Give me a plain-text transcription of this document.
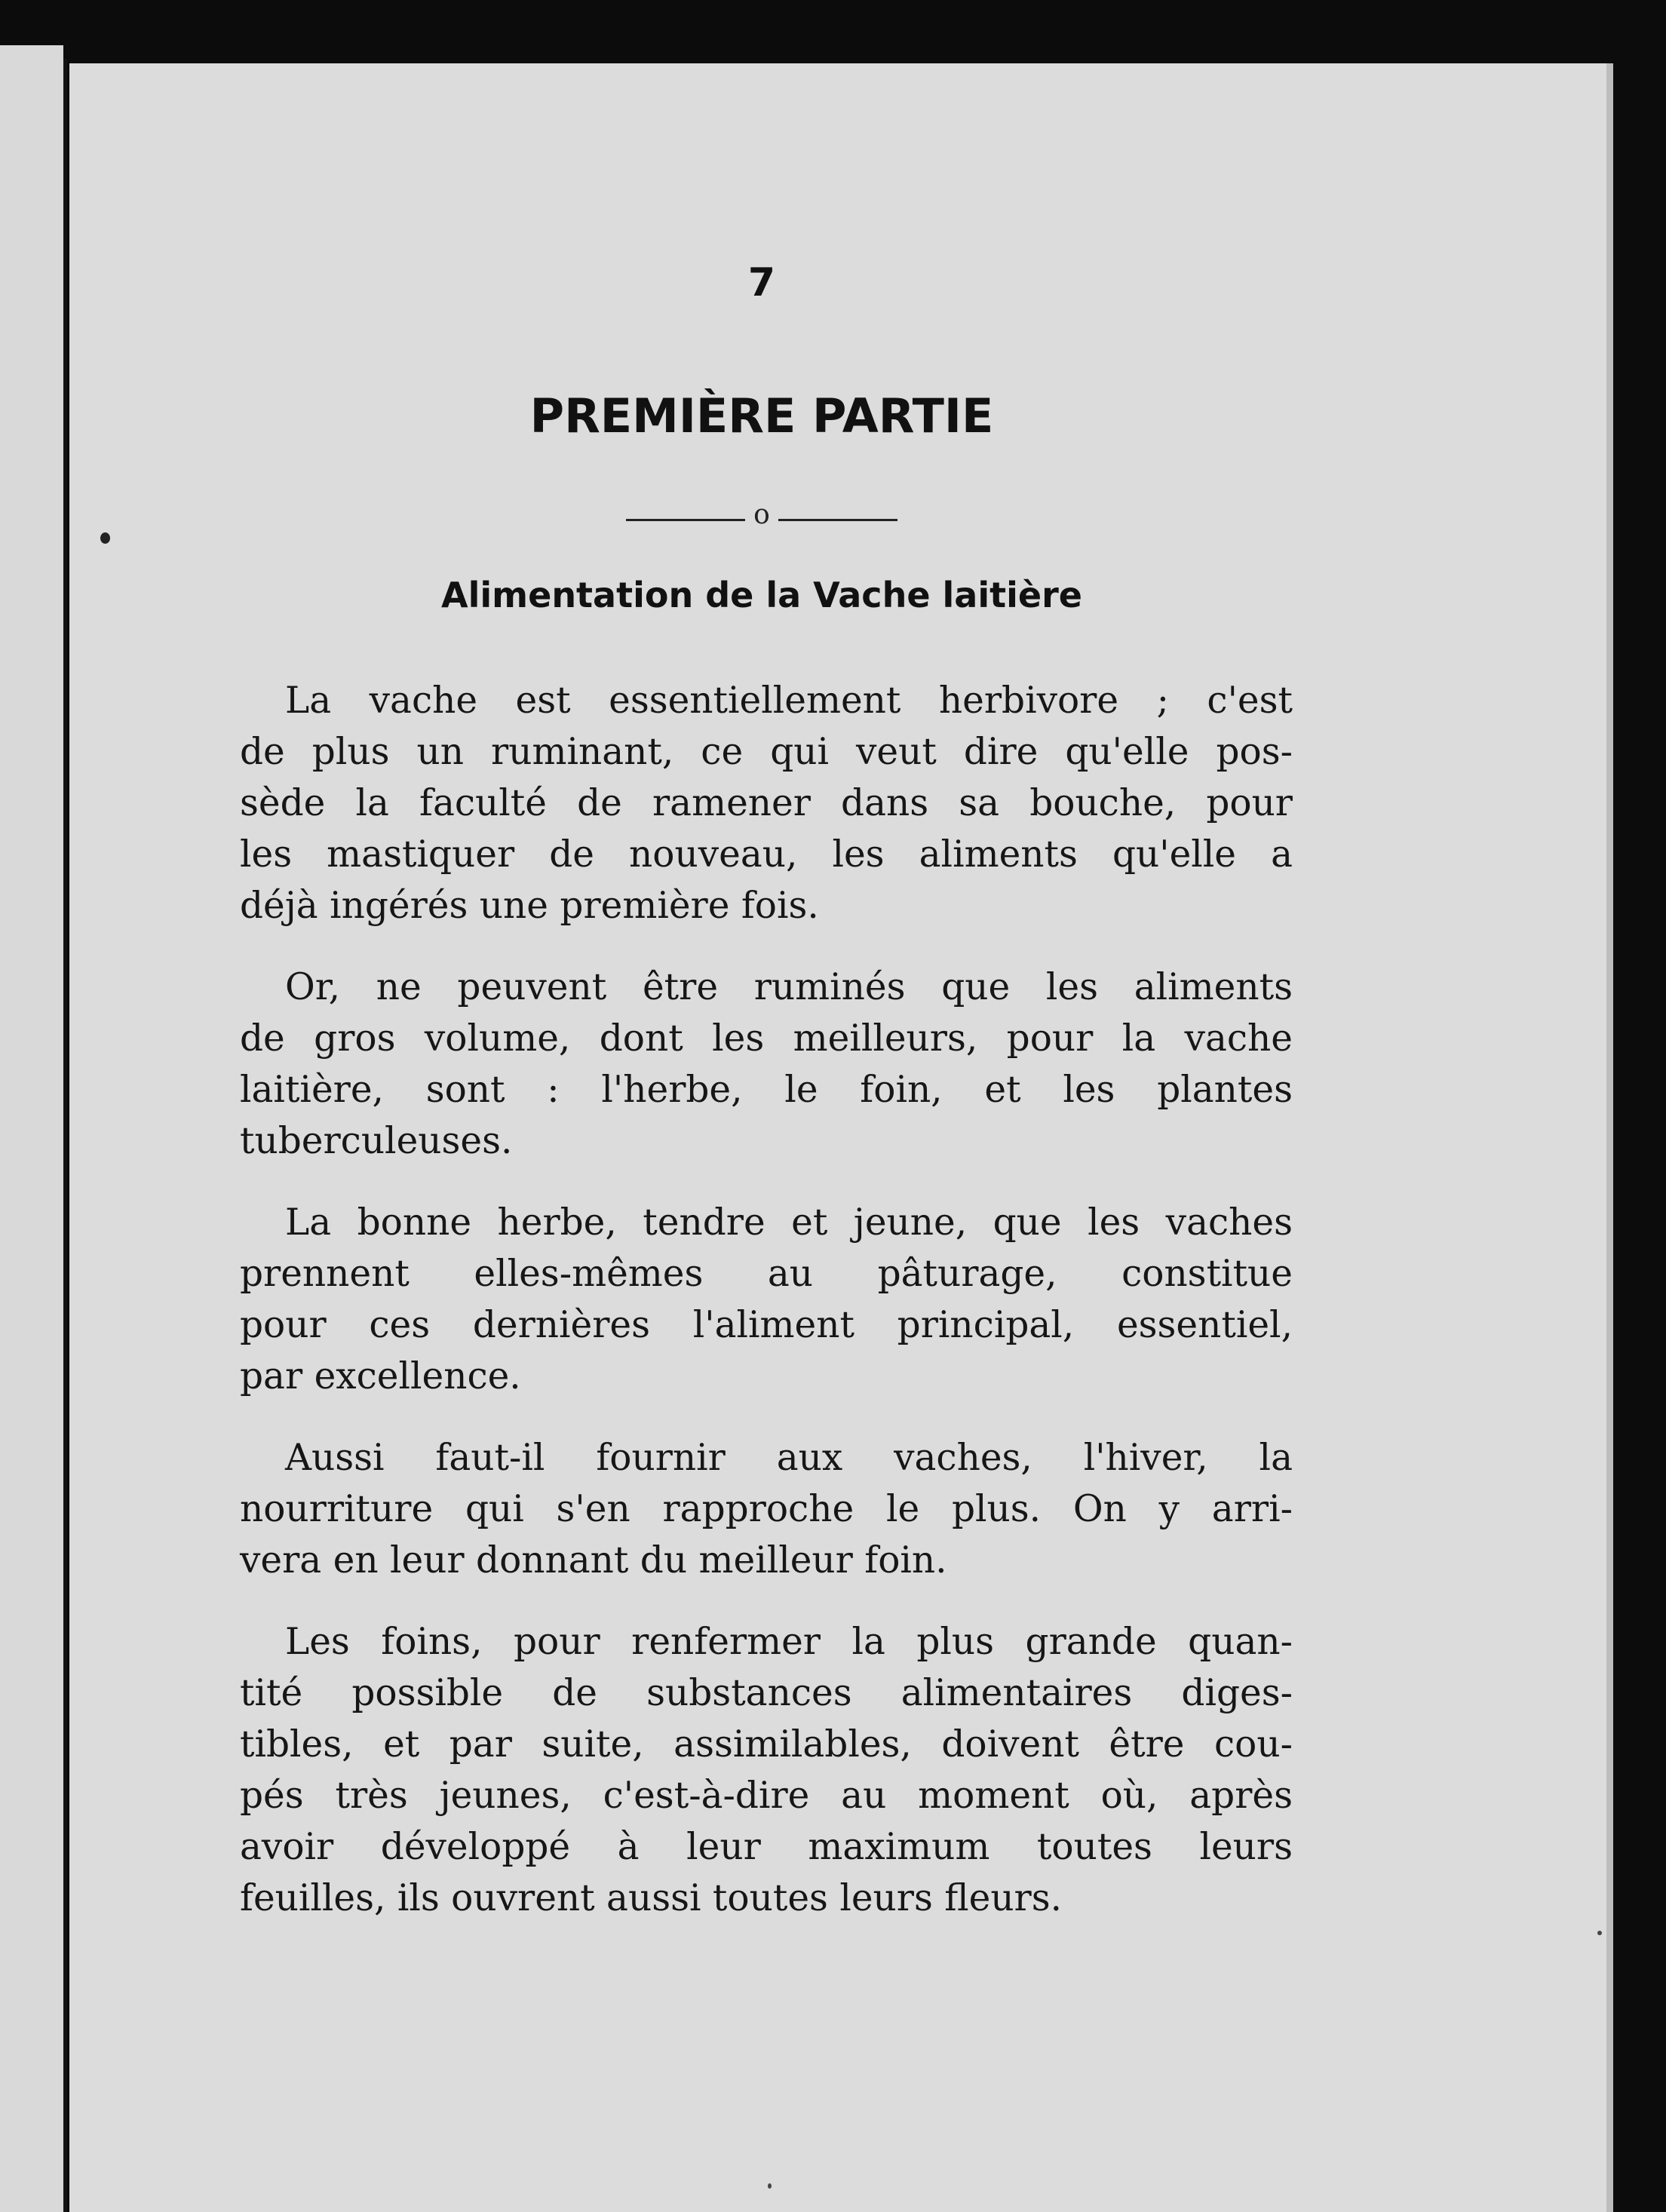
7
PREMIÈRE PARTIE
o
Alimentation de la Vache laitière
La vache est essentiellement herbivore ; c'est
de plus un ruminant, ce qui veut dire qu'elle pos-
sède la faculté de ramener dans sa bouche, pour
les mastiquer de nouveau, les aliments qu'elle a
déjà ingérés une première fois.
Or, ne peuvent être ruminés que les aliments
de gros volume, dont les meilleurs, pour la vache
laitière, sont : l'herbe, le foin, et les plantes
tuberculeuses.
La bonne herbe, tendre et jeune, que les vaches
prennent elles-mêmes au pâturage, constitue
pour ces dernières l'aliment principal, essentiel,
par excellence.
Aussi faut-il fournir aux vaches, l'hiver, la
nourriture qui s'en rapproche le plus. On y arri-
vera en leur donnant du meilleur foin.
Les foins, pour renfermer la plus grande quan-
tité possible de substances alimentaires diges-
tibles, et par suite, assimilables, doivent être cou-
pés très jeunes, c'est-à-dire au moment où, après
avoir développé à leur maximum toutes leurs
feuilles, ils ouvrent aussi toutes leurs fleurs.
